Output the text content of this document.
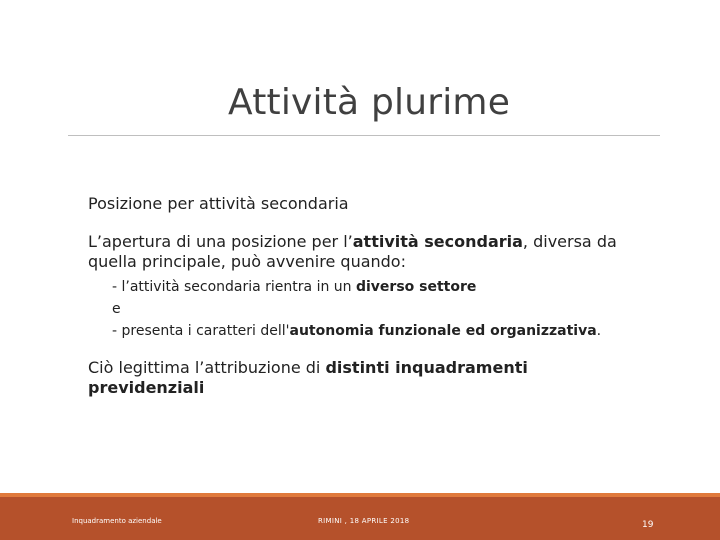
Attività plurime

Posizione per attività secondaria

L’apertura di una posizione per l’attività secondaria, diversa da quella principale, può avvenire quando:

- l’attività secondaria rientra in un diverso settore

e

- presenta i caratteri dell'autonomia funzionale ed organizzativa.

Ciò legittima l’attribuzione di distinti inquadramenti previdenziali

Inquadramento aziendale	RIMINI , 18 APRILE 2018	19
